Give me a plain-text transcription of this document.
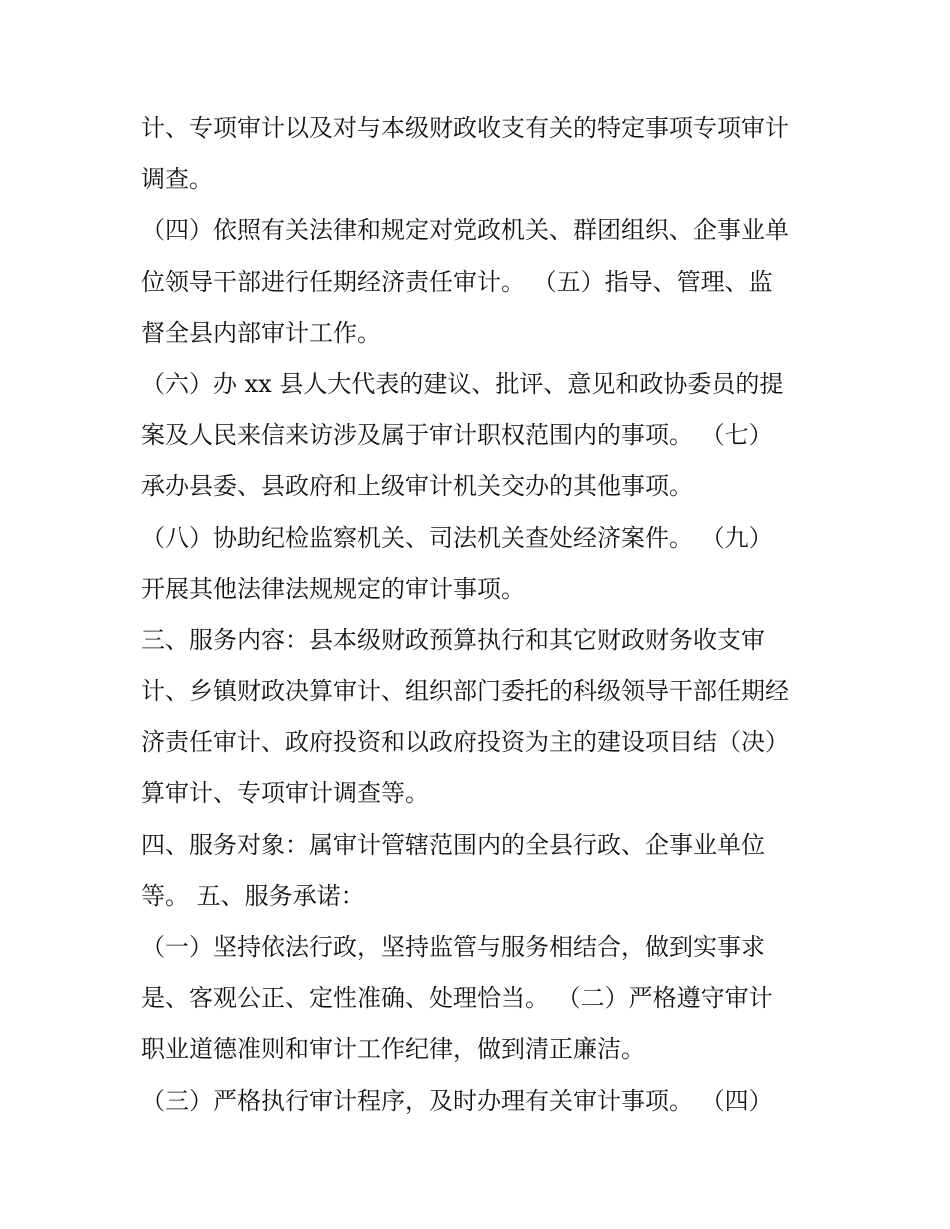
计、专项审计以及对与本级财政收支有关的特定事项专项审计
调查。
（四）依照有关法律和规定对党政机关、群团组织、企事业单
位领导干部进行任期经济责任审计。 （五）指导、管理、监
督全县内部审计工作。
（六）办 xx 县人大代表的建议、批评、意见和政协委员的提
案及人民来信来访涉及属于审计职权范围内的事项。 （七）
承办县委、县政府和上级审计机关交办的其他事项。
（八）协助纪检监察机关、司法机关查处经济案件。 （九）
开展其他法律法规规定的审计事项。
三、服务内容：县本级财政预算执行和其它财政财务收支审
计、乡镇财政决算审计、组织部门委托的科级领导干部任期经
济责任审计、政府投资和以政府投资为主的建设项目结（决）
算审计、专项审计调查等。
四、服务对象：属审计管辖范围内的全县行政、企事业单位
等。 五、服务承诺：
（一）坚持依法行政，坚持监管与服务相结合，做到实事求
是、客观公正、定性准确、处理恰当。 （二）严格遵守审计
职业道德准则和审计工作纪律，做到清正廉洁。
（三）严格执行审计程序，及时办理有关审计事项。 （四）
